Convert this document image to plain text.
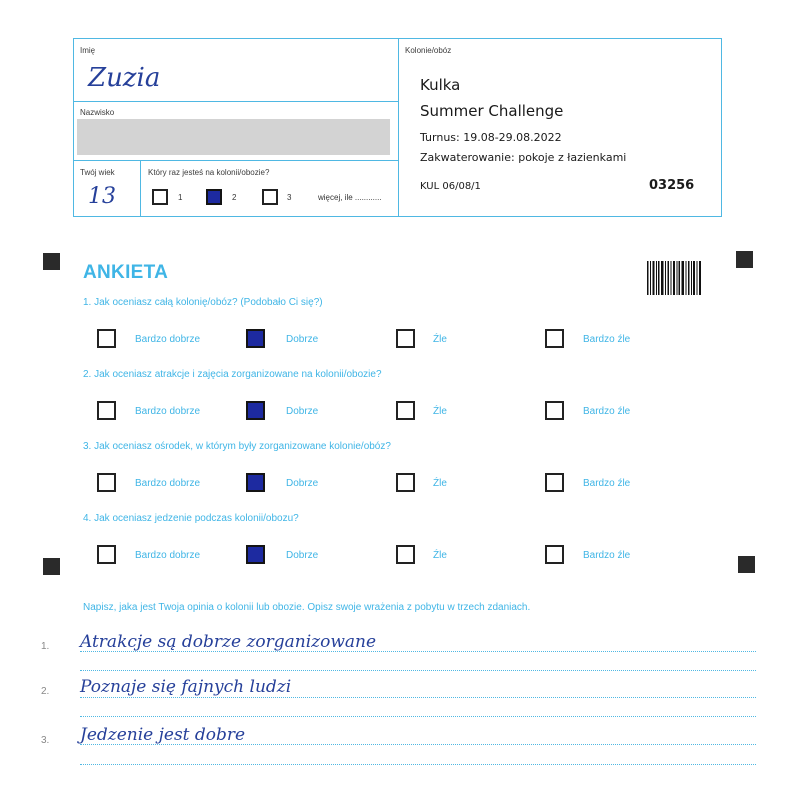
Imię
Zuzia
Nazwisko
Twój wiek
13
Który raz jesteś na kolonii/obozie?
1	2	3	więcej, ile ............
Kolonie/obóz
Kulka
Summer Challenge
Turnus: 19.08-29.08.2022
Zakwaterowanie: pokoje z łazienkami
KUL 06/08/1	03256
ANKIETA
1. Jak oceniasz całą kolonię/obóz? (Podobało Ci się?)
Bardzo dobrze	Dobrze	Źle	Bardzo źle
2. Jak oceniasz atrakcje i zajęcia zorganizowane na kolonii/obozie?
Bardzo dobrze	Dobrze	Źle	Bardzo źle
3. Jak oceniasz ośrodek, w którym były zorganizowane kolonie/obóz?
Bardzo dobrze	Dobrze	Źle	Bardzo źle
4. Jak oceniasz jedzenie podczas kolonii/obozu?
Bardzo dobrze	Dobrze	Źle	Bardzo źle
Napisz, jaka jest Twoja opinia o kolonii lub obozie. Opisz swoje wrażenia z pobytu w trzech zdaniach.
1. Atrakcje są dobrze zorganizowane
2. Poznaje się fajnych ludzi
3. Jedzenie jest dobre
